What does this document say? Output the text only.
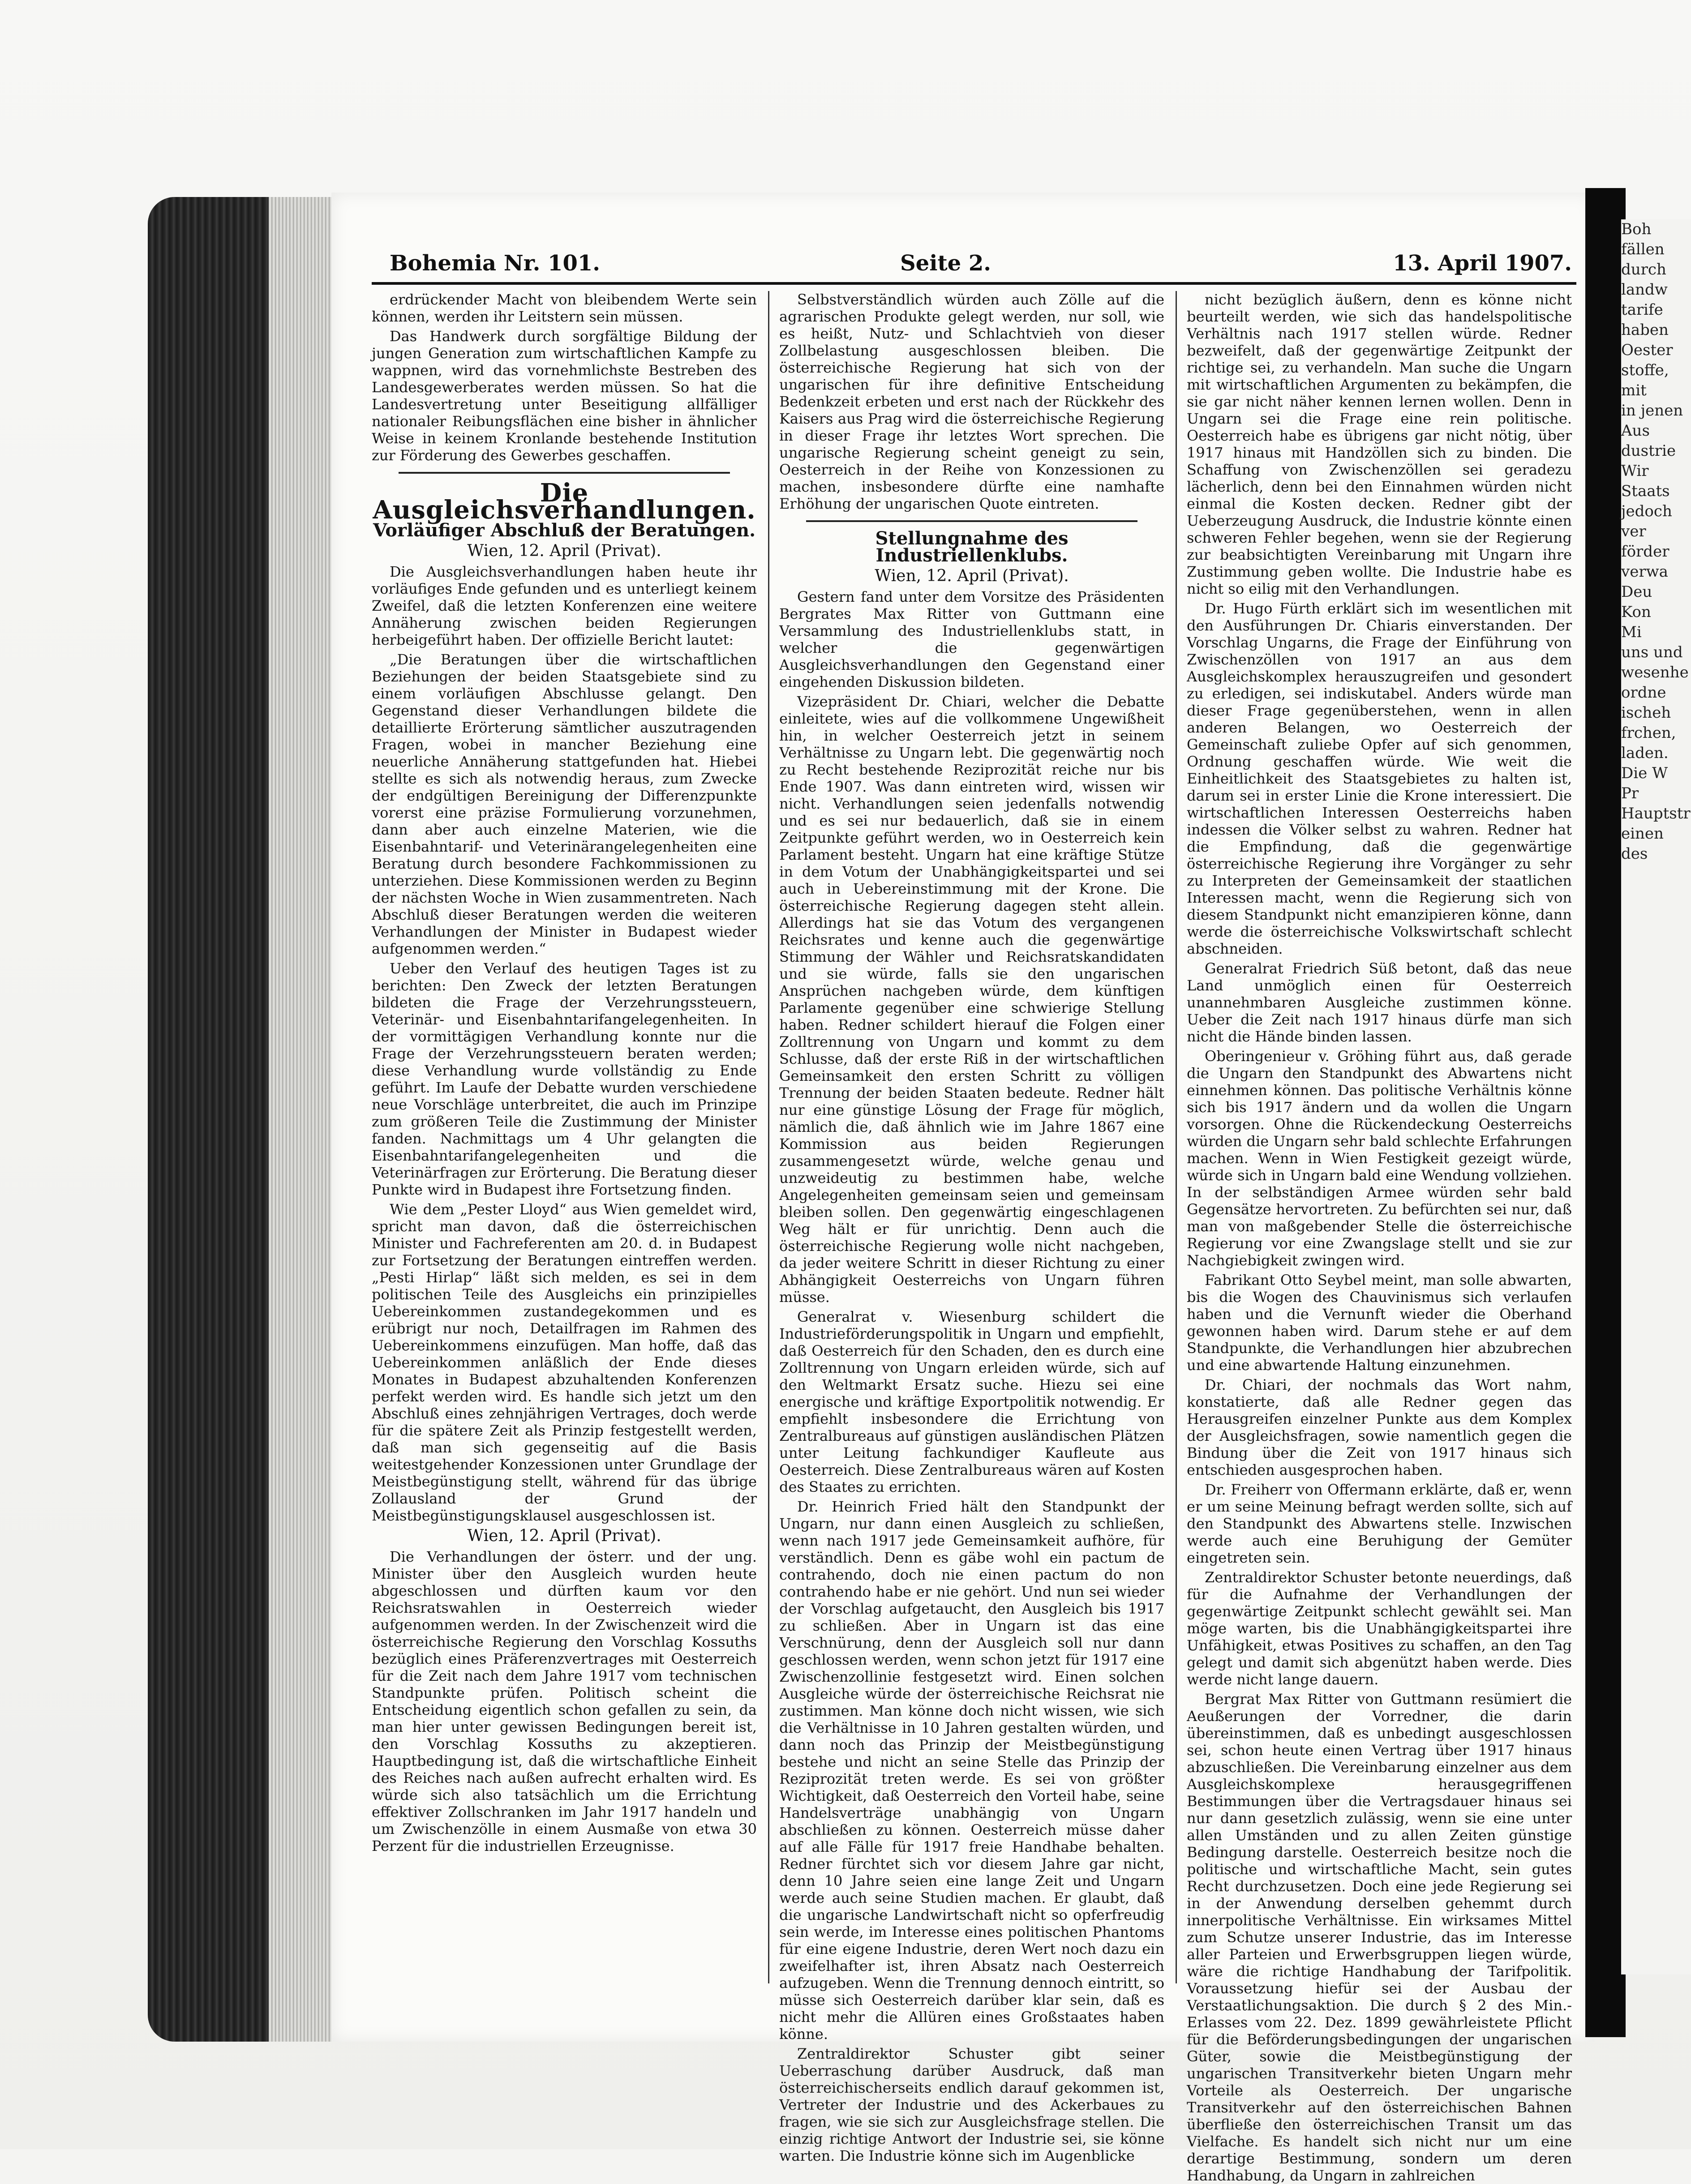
Bohemia Nr. 101.	Seite 2.	13. April 1907.

erdrückender Macht von bleibendem Werte sein können, werden ihr Leitstern sein müssen.

Das Handwerk durch sorgfältige Bildung der jungen Generation zum wirtschaftlichen Kampfe zu wappnen, wird das vornehmlichste Bestreben des Landesgewerberates werden müssen. So hat die Landesvertretung unter Beseitigung allfälliger nationaler Reibungsflächen eine bisher in ähnlicher Weise in keinem Kronlande bestehende Institution zur Förderung des Gewerbes geschaffen.

Die Ausgleichsverhandlungen.
Vorläufiger Abschluß der Beratungen.
Wien, 12. April (Privat).

Die Ausgleichsverhandlungen haben heute ihr vorläufiges Ende gefunden und es unterliegt keinem Zweifel, daß die letzten Konferenzen eine weitere Annäherung zwischen beiden Regierungen herbeigeführt haben. Der offizielle Bericht lautet:

„Die Beratungen über die wirtschaftlichen Beziehungen der beiden Staatsgebiete sind zu einem vorläufigen Abschlusse gelangt. Den Gegenstand dieser Verhandlungen bildete die detaillierte Erörterung sämtlicher auszutragenden Fragen, wobei in mancher Beziehung eine neuerliche Annäherung stattgefunden hat. Hiebei stellte es sich als notwendig heraus, zum Zwecke der endgültigen Bereinigung der Differenzpunkte vorerst eine präzise Formulierung vorzunehmen, dann aber auch einzelne Materien, wie die Eisenbahntarif- und Veterinärangelegenheiten eine Beratung durch besondere Fachkommissionen zu unterziehen. Diese Kommissionen werden zu Beginn der nächsten Woche in Wien zusammentreten. Nach Abschluß dieser Beratungen werden die weiteren Verhandlungen der Minister in Budapest wieder aufgenommen werden.“

Ueber den Verlauf des heutigen Tages ist zu berichten: Den Zweck der letzten Beratungen bildeten die Frage der Verzehrungssteuern, Veterinär- und Eisenbahntarifangelegenheiten. In der vormittägigen Verhandlung konnte nur die Frage der Verzehrungssteuern beraten werden; diese Verhandlung wurde vollständig zu Ende geführt. Im Laufe der Debatte wurden verschiedene neue Vorschläge unterbreitet, die auch im Prinzipe zum größeren Teile die Zustimmung der Minister fanden. Nachmittags um 4 Uhr gelangten die Eisenbahntarifangelegenheiten und die Veterinärfragen zur Erörterung. Die Beratung dieser Punkte wird in Budapest ihre Fortsetzung finden.

Wie dem „Pester Lloyd“ aus Wien gemeldet wird, spricht man davon, daß die österreichischen Minister und Fachreferenten am 20. d. in Budapest zur Fortsetzung der Beratungen eintreffen werden. „Pesti Hirlap“ läßt sich melden, es sei in dem politischen Teile des Ausgleichs ein prinzipielles Uebereinkommen zustandegekommen und es erübrigt nur noch, Detailfragen im Rahmen des Uebereinkommens einzufügen. Man hoffe, daß das Uebereinkommen anläßlich der Ende dieses Monates in Budapest abzuhaltenden Konferenzen perfekt werden wird. Es handle sich jetzt um den Abschluß eines zehnjährigen Vertrages, doch werde für die spätere Zeit als Prinzip festgestellt werden, daß man sich gegenseitig auf die Basis weitestgehender Konzessionen unter Grundlage der Meistbegünstigung stellt, während für das übrige Zollausland der Grund der Meistbegünstigungsklausel ausgeschlossen ist.

Wien, 12. April (Privat).

Die Verhandlungen der österr. und der ung. Minister über den Ausgleich wurden heute abgeschlossen und dürften kaum vor den Reichsratswahlen in Oesterreich wieder aufgenommen werden. In der Zwischenzeit wird die österreichische Regierung den Vorschlag Kossuths bezüglich eines Präferenzvertrages mit Oesterreich für die Zeit nach dem Jahre 1917 vom technischen Standpunkte prüfen. Politisch scheint die Entscheidung eigentlich schon gefallen zu sein, da man hier unter gewissen Bedingungen bereit ist, den Vorschlag Kossuths zu akzeptieren. Hauptbedingung ist, daß die wirtschaftliche Einheit des Reiches nach außen aufrecht erhalten wird. Es würde sich also tatsächlich um die Errichtung effektiver Zollschranken im Jahr 1917 handeln und um Zwischenzölle in einem Ausmaße von etwa 30 Perzent für die industriellen Erzeugnisse.

Selbstverständlich würden auch Zölle auf die agrarischen Produkte gelegt werden, nur soll, wie es heißt, Nutz- und Schlachtvieh von dieser Zollbelastung ausgeschlossen bleiben. Die österreichische Regierung hat sich von der ungarischen für ihre definitive Entscheidung Bedenkzeit erbeten und erst nach der Rückkehr des Kaisers aus Prag wird die österreichische Regierung in dieser Frage ihr letztes Wort sprechen. Die ungarische Regierung scheint geneigt zu sein, Oesterreich in der Reihe von Konzessionen zu machen, insbesondere dürfte eine namhafte Erhöhung der ungarischen Quote eintreten.

Stellungnahme des Industriellenklubs.
Wien, 12. April (Privat).

Gestern fand unter dem Vorsitze des Präsidenten Bergrates Max Ritter von Guttmann eine Versammlung des Industriellenklubs statt, in welcher die gegenwärtigen Ausgleichsverhandlungen den Gegenstand einer eingehenden Diskussion bildeten.

Vizepräsident Dr. Chiari, welcher die Debatte einleitete, wies auf die vollkommene Ungewißheit hin, in welcher Oesterreich jetzt in seinem Verhältnisse zu Ungarn lebt. Die gegenwärtig noch zu Recht bestehende Reziprozität reiche nur bis Ende 1907. Was dann eintreten wird, wissen wir nicht. Verhandlungen seien jedenfalls notwendig und es sei nur bedauerlich, daß sie in einem Zeitpunkte geführt werden, wo in Oesterreich kein Parlament besteht. Ungarn hat eine kräftige Stütze in dem Votum der Unabhängigkeitspartei und sei auch in Uebereinstimmung mit der Krone. Die österreichische Regierung dagegen steht allein. Allerdings hat sie das Votum des vergangenen Reichsrates und kenne auch die gegenwärtige Stimmung der Wähler und Reichsratskandidaten und sie würde, falls sie den ungarischen Ansprüchen nachgeben würde, dem künftigen Parlamente gegenüber eine schwierige Stellung haben. Redner schildert hierauf die Folgen einer Zolltrennung von Ungarn und kommt zu dem Schlusse, daß der erste Riß in der wirtschaftlichen Gemeinsamkeit den ersten Schritt zu völligen Trennung der beiden Staaten bedeute. Redner hält nur eine günstige Lösung der Frage für möglich, nämlich die, daß ähnlich wie im Jahre 1867 eine Kommission aus beiden Regierungen zusammengesetzt würde, welche genau und unzweideutig zu bestimmen habe, welche Angelegenheiten gemeinsam seien und gemeinsam bleiben sollen. Den gegenwärtig eingeschlagenen Weg hält er für unrichtig. Denn auch die österreichische Regierung wolle nicht nachgeben, da jeder weitere Schritt in dieser Richtung zu einer Abhängigkeit Oesterreichs von Ungarn führen müsse.

Generalrat v. Wiesenburg schildert die Industrieförderungspolitik in Ungarn und empfiehlt, daß Oesterreich für den Schaden, den es durch eine Zolltrennung von Ungarn erleiden würde, sich auf den Weltmarkt Ersatz suche. Hiezu sei eine energische und kräftige Exportpolitik notwendig. Er empfiehlt insbesondere die Errichtung von Zentralbureaus auf günstigen ausländischen Plätzen unter Leitung fachkundiger Kaufleute aus Oesterreich. Diese Zentralbureaus wären auf Kosten des Staates zu errichten.

Dr. Heinrich Fried hält den Standpunkt der Ungarn, nur dann einen Ausgleich zu schließen, wenn nach 1917 jede Gemeinsamkeit aufhöre, für verständlich. Denn es gäbe wohl ein pactum de contrahendo, doch nie einen pactum do non contrahendo habe er nie gehört. Und nun sei wieder der Vorschlag aufgetaucht, den Ausgleich bis 1917 zu schließen. Aber in Ungarn ist das eine Verschnürung, denn der Ausgleich soll nur dann geschlossen werden, wenn schon jetzt für 1917 eine Zwischenzollinie festgesetzt wird. Einen solchen Ausgleiche würde der österreichische Reichsrat nie zustimmen. Man könne doch nicht wissen, wie sich die Verhältnisse in 10 Jahren gestalten würden, und dann noch das Prinzip der Meistbegünstigung bestehe und nicht an seine Stelle das Prinzip der Reziprozität treten werde. Es sei von größter Wichtigkeit, daß Oesterreich den Vorteil habe, seine Handelsverträge unabhängig von Ungarn abschließen zu können. Oesterreich müsse daher auf alle Fälle für 1917 freie Handhabe behalten. Redner fürchtet sich vor diesem Jahre gar nicht, denn 10 Jahre seien eine lange Zeit und Ungarn werde auch seine Studien machen. Er glaubt, daß die ungarische Landwirtschaft nicht so opferfreudig sein werde, im Interesse eines politischen Phantoms für eine eigene Industrie, deren Wert noch dazu ein zweifelhafter ist, ihren Absatz nach Oesterreich aufzugeben. Wenn die Trennung dennoch eintritt, so müsse sich Oesterreich darüber klar sein, daß es nicht mehr die Allüren eines Großstaates haben könne.

Zentraldirektor Schuster gibt seiner Ueberraschung darüber Ausdruck, daß man österreichischerseits endlich darauf gekommen ist, Vertreter der Industrie und des Ackerbaues zu fragen, wie sie sich zur Ausgleichsfrage stellen. Die einzig richtige Antwort der Industrie sei, sie könne warten. Die Industrie könne sich im Augenblicke

nicht bezüglich äußern, denn es könne nicht beurteilt werden, wie sich das handelspolitische Verhältnis nach 1917 stellen würde. Redner bezweifelt, daß der gegenwärtige Zeitpunkt der richtige sei, zu verhandeln. Man suche die Ungarn mit wirtschaftlichen Argumenten zu bekämpfen, die sie gar nicht näher kennen lernen wollen. Denn in Ungarn sei die Frage eine rein politische. Oesterreich habe es übrigens gar nicht nötig, über 1917 hinaus mit Handzöllen sich zu binden. Die Schaffung von Zwischenzöllen sei geradezu lächerlich, denn bei den Einnahmen würden nicht einmal die Kosten decken. Redner gibt der Ueberzeugung Ausdruck, die Industrie könnte einen schweren Fehler begehen, wenn sie der Regierung zur beabsichtigten Vereinbarung mit Ungarn ihre Zustimmung geben wollte. Die Industrie habe es nicht so eilig mit den Verhandlungen.

Dr. Hugo Fürth erklärt sich im wesentlichen mit den Ausführungen Dr. Chiaris einverstanden. Der Vorschlag Ungarns, die Frage der Einführung von Zwischenzöllen von 1917 an aus dem Ausgleichskomplex herauszugreifen und gesondert zu erledigen, sei indiskutabel. Anders würde man dieser Frage gegenüberstehen, wenn in allen anderen Belangen, wo Oesterreich der Gemeinschaft zuliebe Opfer auf sich genommen, Ordnung geschaffen würde. Wie weit die Einheitlichkeit des Staatsgebietes zu halten ist, darum sei in erster Linie die Krone interessiert. Die wirtschaftlichen Interessen Oesterreichs haben indessen die Völker selbst zu wahren. Redner hat die Empfindung, daß die gegenwärtige österreichische Regierung ihre Vorgänger zu sehr zu Interpreten der Gemeinsamkeit der staatlichen Interessen macht, wenn die Regierung sich von diesem Standpunkt nicht emanzipieren könne, dann werde die österreichische Volkswirtschaft schlecht abschneiden.

Generalrat Friedrich Süß betont, daß das neue Land unmöglich einen für Oesterreich unannehmbaren Ausgleiche zustimmen könne. Ueber die Zeit nach 1917 hinaus dürfe man sich nicht die Hände binden lassen.

Oberingenieur v. Gröhing führt aus, daß gerade die Ungarn den Standpunkt des Abwartens nicht einnehmen können. Das politische Verhältnis könne sich bis 1917 ändern und da wollen die Ungarn vorsorgen. Ohne die Rückendeckung Oesterreichs würden die Ungarn sehr bald schlechte Erfahrungen machen. Wenn in Wien Festigkeit gezeigt würde, würde sich in Ungarn bald eine Wendung vollziehen. In der selbständigen Armee würden sehr bald Gegensätze hervortreten. Zu befürchten sei nur, daß man von maßgebender Stelle die österreichische Regierung vor eine Zwangslage stellt und sie zur Nachgiebigkeit zwingen wird.

Fabrikant Otto Seybel meint, man solle abwarten, bis die Wogen des Chauvinismus sich verlaufen haben und die Vernunft wieder die Oberhand gewonnen haben wird. Darum stehe er auf dem Standpunkte, die Verhandlungen hier abzubrechen und eine abwartende Haltung einzunehmen.

Dr. Chiari, der nochmals das Wort nahm, konstatierte, daß alle Redner gegen das Herausgreifen einzelner Punkte aus dem Komplex der Ausgleichsfragen, sowie namentlich gegen die Bindung über die Zeit von 1917 hinaus sich entschieden ausgesprochen haben.

Dr. Freiherr von Offermann erklärte, daß er, wenn er um seine Meinung befragt werden sollte, sich auf den Standpunkt des Abwartens stelle. Inzwischen werde auch eine Beruhigung der Gemüter eingetreten sein.

Zentraldirektor Schuster betonte neuerdings, daß für die Aufnahme der Verhandlungen der gegenwärtige Zeitpunkt schlecht gewählt sei. Man möge warten, bis die Unabhängigkeitspartei ihre Unfähigkeit, etwas Positives zu schaffen, an den Tag gelegt und damit sich abgenützt haben werde. Dies werde nicht lange dauern.

Bergrat Max Ritter von Guttmann resümiert die Aeußerungen der Vorredner, die darin übereinstimmen, daß es unbedingt ausgeschlossen sei, schon heute einen Vertrag über 1917 hinaus abzuschließen. Die Vereinbarung einzelner aus dem Ausgleichskomplexe herausgegriffenen Bestimmungen über die Vertragsdauer hinaus sei nur dann gesetzlich zulässig, wenn sie eine unter allen Umständen und zu allen Zeiten günstige Bedingung darstelle. Oesterreich besitze noch die politische und wirtschaftliche Macht, sein gutes Recht durchzusetzen. Doch eine jede Regierung sei in der Anwendung derselben gehemmt durch innerpolitische Verhältnisse. Ein wirksames Mittel zum Schutze unserer Industrie, das im Interesse aller Parteien und Erwerbsgruppen liegen würde, wäre die richtige Handhabung der Tarifpolitik. Voraussetzung hiefür sei der Ausbau der Verstaatlichungsaktion. Die durch § 2 des Min.-Erlasses vom 22. Dez. 1899 gewährleistete Pflicht für die Beförderungsbedingungen der ungarischen Güter, sowie die Meistbegünstigung der ungarischen Transitverkehr bieten Ungarn mehr Vorteile als Oesterreich. Der ungarische Transitverkehr auf den österreichischen Bahnen überfließe den österreichischen Transit um das Vielfache. Es handelt sich nicht nur um eine derartige Bestimmung, sondern um deren Handhabung, da Ungarn in zahlreichen

Boh
fällen
durch
landw
tarife
haben
Oester
stoffe,
mit
in jenen
Aus
dustrie
Wir
Staats
jedoch
ver
förder
verwa
Deu
Kon
Mi
uns und
wesenhe
ordne
ischeh
frchen,
laden.
Die W
Pr
Hauptstr
einen
des
